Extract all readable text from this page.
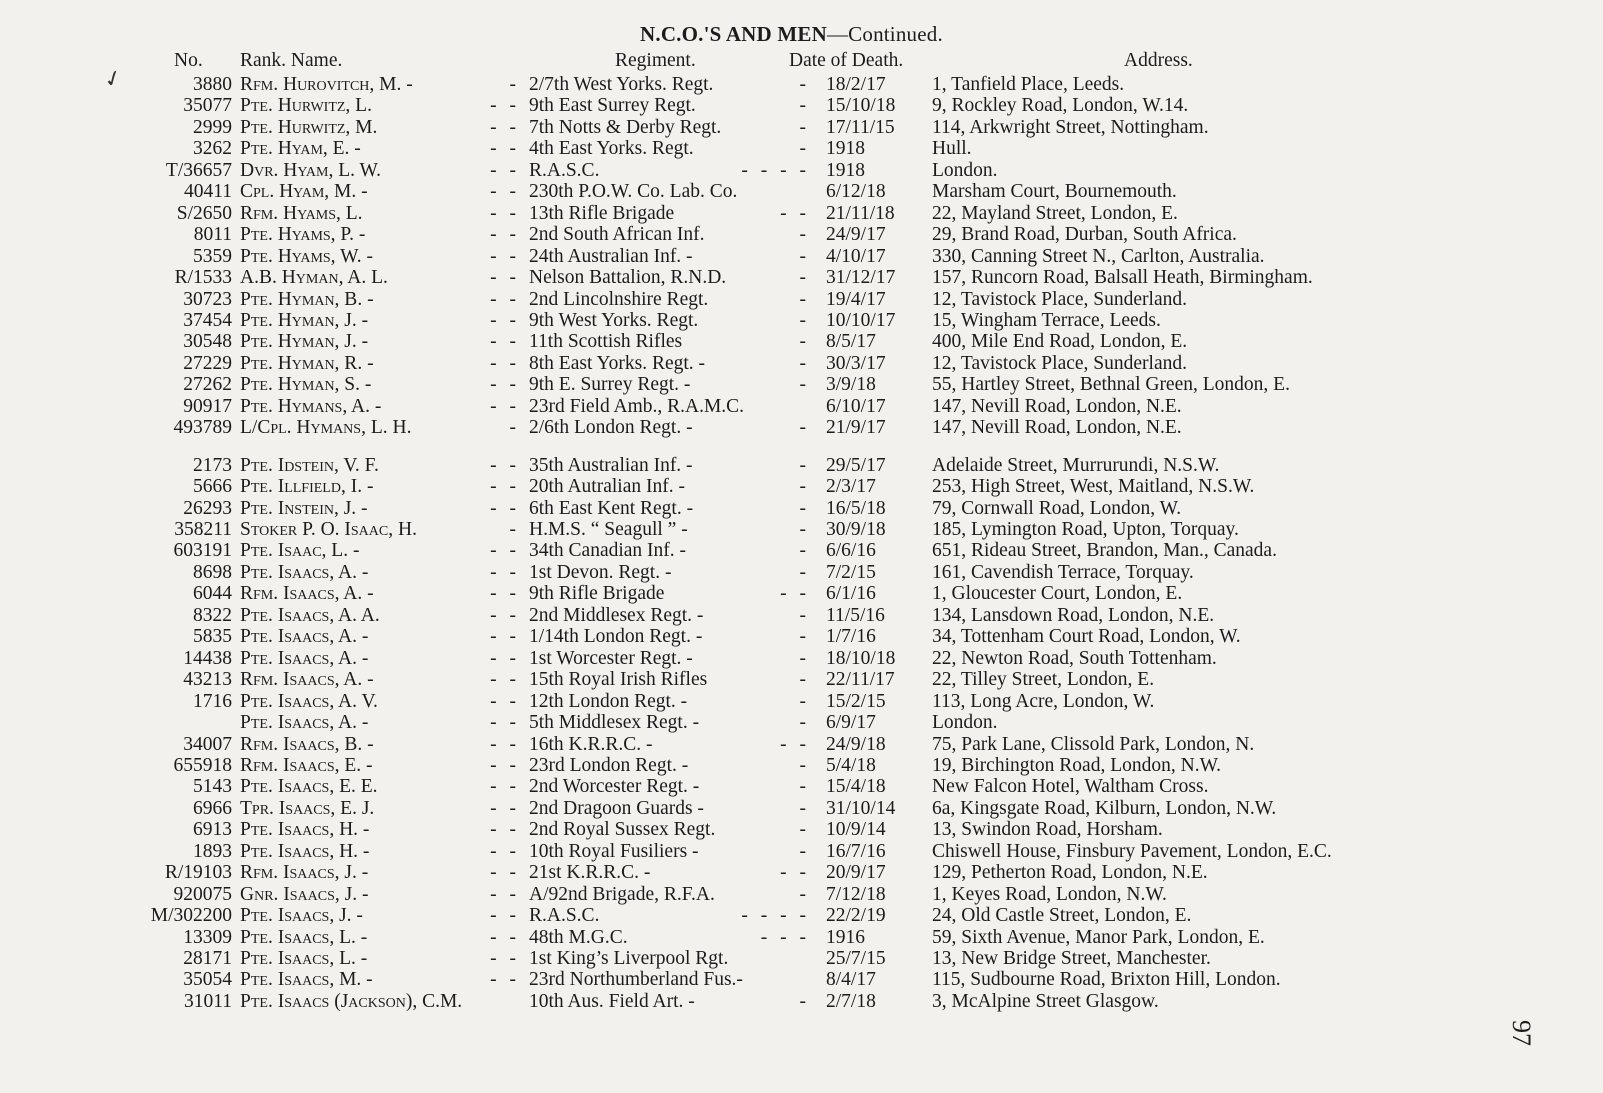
✓
N.C.O.'S AND MEN—Continued.
No. Rank. Name.	Regiment.	Date of Death.	Address.
3880 Rfm. Hurovitch, M. -	- 2/7th West Yorks. Regt.	- 18/2/17 1, Tanfield Place, Leeds.
35077 Pte. Hurwitz, L.	- - 9th East Surrey Regt.	- 15/10/18 9, Rockley Road, London, W.14.
2999 Pte. Hurwitz, M.	- - 7th Notts & Derby Regt.	- 17/11/15 114, Arkwright Street, Nottingham.
3262 Pte. Hyam, E. -	- - 4th East Yorks. Regt.	- 1918	Hull.
T/36657 Dvr. Hyam, L. W.	- - R.A.S.C.	- - - - 1918	London.
40411 Cpl. Hyam, M. -	- - 230th P.O.W. Co. Lab. Co.	6/12/18 Marsham Court, Bournemouth.
S/2650 Rfm. Hyams, L.	- - 13th Rifle Brigade	- - 21/11/18 22, Mayland Street, London, E.
8011 Pte. Hyams, P. -	- - 2nd South African Inf.	- 24/9/17 29, Brand Road, Durban, South Africa.
5359 Pte. Hyams, W. -	- - 24th Australian Inf. -	- 4/10/17 330, Canning Street N., Carlton, Australia.
R/1533 A.B. Hyman, A. L.	- - Nelson Battalion, R.N.D.	- 31/12/17 157, Runcorn Road, Balsall Heath, Birmingham.
30723 Pte. Hyman, B. -	- - 2nd Lincolnshire Regt.	- 19/4/17 12, Tavistock Place, Sunderland.
37454 Pte. Hyman, J. -	- - 9th West Yorks. Regt.	- 10/10/17 15, Wingham Terrace, Leeds.
30548 Pte. Hyman, J. -	- - 11th Scottish Rifles	- 8/5/17	400, Mile End Road, London, E.
27229 Pte. Hyman, R. -	- - 8th East Yorks. Regt. -	- 30/3/17 12, Tavistock Place, Sunderland.
27262 Pte. Hyman, S. -	- - 9th E. Surrey Regt. -	- 3/9/18	55, Hartley Street, Bethnal Green, London, E.
90917 Pte. Hymans, A. -	- - 23rd Field Amb., R.A.M.C.	6/10/17 147, Nevill Road, London, N.E.
493789 L/Cpl. Hymans, L. H.	- 2/6th London Regt. -	- 21/9/17 147, Nevill Road, London, N.E.
2173 Pte. Idstein, V. F.	- - 35th Australian Inf. -	- 29/5/17 Adelaide Street, Murrurundi, N.S.W.
5666 Pte. Illfield, I. -	- - 20th Autralian Inf. -	- 2/3/17	253, High Street, West, Maitland, N.S.W.
26293 Pte. Instein, J. -	- - 6th East Kent Regt. -	- 16/5/18 79, Cornwall Road, London, W.
358211 Stoker P. O. Isaac, H.	- H.M.S. “ Seagull ” -	- 30/9/18 185, Lymington Road, Upton, Torquay.
603191 Pte. Isaac, L. -	- - 34th Canadian Inf. -	- 6/6/16	651, Rideau Street, Brandon, Man., Canada.
8698 Pte. Isaacs, A. -	- - 1st Devon. Regt. -	- 7/2/15	161, Cavendish Terrace, Torquay.
6044 Rfm. Isaacs, A. -	- - 9th Rifle Brigade	- - 6/1/16	1, Gloucester Court, London, E.
8322 Pte. Isaacs, A. A.	- - 2nd Middlesex Regt. -	- 11/5/16 134, Lansdown Road, London, N.E.
5835 Pte. Isaacs, A. -	- - 1/14th London Regt. -	- 1/7/16	34, Tottenham Court Road, London, W.
14438 Pte. Isaacs, A. -	- - 1st Worcester Regt. -	- 18/10/18 22, Newton Road, South Tottenham.
43213 Rfm. Isaacs, A. -	- - 15th Royal Irish Rifles	- 22/11/17 22, Tilley Street, London, E.
1716 Pte. Isaacs, A. V.	- - 12th London Regt. -	- 15/2/15 113, Long Acre, London, W.
Pte. Isaacs, A. -	- - 5th Middlesex Regt. -	- 6/9/17	London.
34007 Rfm. Isaacs, B. -	- - 16th K.R.R.C. -	- - 24/9/18 75, Park Lane, Clissold Park, London, N.
655918 Rfm. Isaacs, E. -	- - 23rd London Regt. -	- 5/4/18	19, Birchington Road, London, N.W.
5143 Pte. Isaacs, E. E.	- - 2nd Worcester Regt. -	- 15/4/18 New Falcon Hotel, Waltham Cross.
6966 Tpr. Isaacs, E. J.	- - 2nd Dragoon Guards -	- 31/10/14 6a, Kingsgate Road, Kilburn, London, N.W.
6913 Pte. Isaacs, H. -	- - 2nd Royal Sussex Regt.	- 10/9/14 13, Swindon Road, Horsham.
1893 Pte. Isaacs, H. -	- - 10th Royal Fusiliers -	- 16/7/16 Chiswell House, Finsbury Pavement, London, E.C.
R/19103 Rfm. Isaacs, J. -	- - 21st K.R.R.C. -	- - 20/9/17 129, Petherton Road, London, N.E.
920075 Gnr. Isaacs, J. -	- - A/92nd Brigade, R.F.A.	- 7/12/18 1, Keyes Road, London, N.W.
M/302200 Pte. Isaacs, J. -	- - R.A.S.C.	- - - - 22/2/19 24, Old Castle Street, London, E.
13309 Pte. Isaacs, L. -	- - 48th M.G.C.	- - - 1916	59, Sixth Avenue, Manor Park, London, E.
28171 Pte. Isaacs, L. -	- - 1st King’s Liverpool Rgt.	25/7/15 13, New Bridge Street, Manchester.
35054 Pte. Isaacs, M. -	- - 23rd Northumberland Fus.-	8/4/17	115, Sudbourne Road, Brixton Hill, London.
31011 Pte. Isaacs (Jackson), C.M.	10th Aus. Field Art. -	- 2/7/18	3, McAlpine Street Glasgow.
97
